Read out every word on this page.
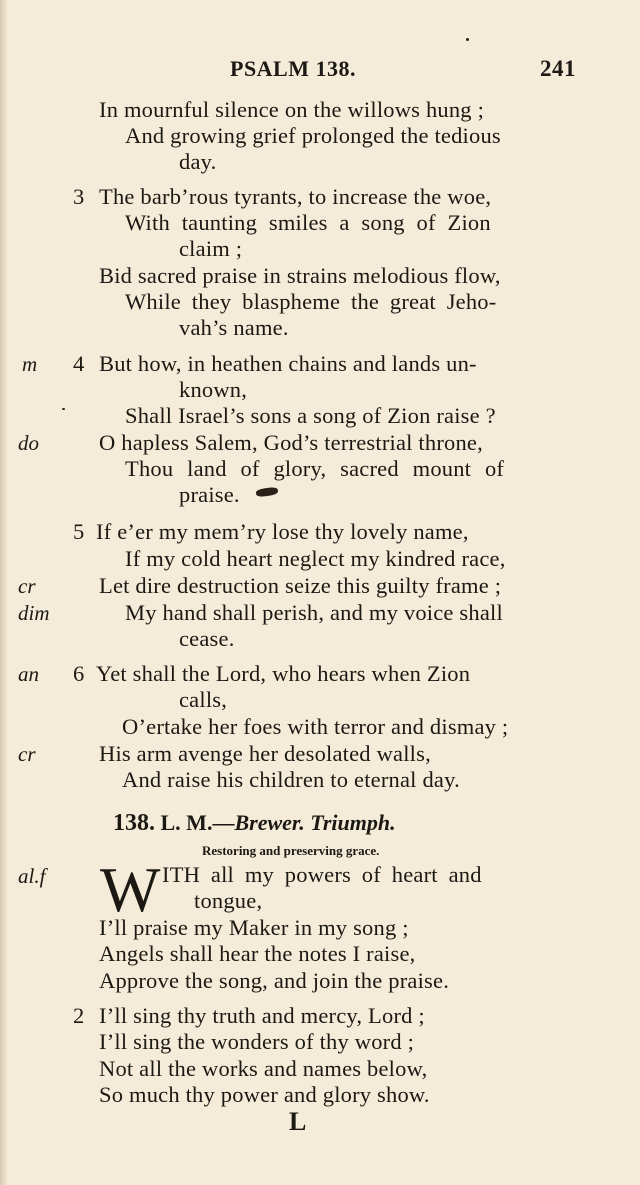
PSALM 138.	241
In mournful silence on the willows hung ;
And growing grief prolonged the tedious
day.
3 The barb’rous tyrants, to increase the woe,
With taunting smiles a song of Zion
claim ;
Bid sacred praise in strains melodious flow,
While they blaspheme the great Jeho-
vah’s name.
m 4 But how, in heathen chains and lands un-
known,
Shall Israel’s sons a song of Zion raise ?
do	O hapless Salem, God’s terrestrial throne,
Thou land of glory, sacred mount of
praise.
5 If e’er my mem’ry lose thy lovely name,
If my cold heart neglect my kindred race,
cr	Let dire destruction seize this guilty frame ;
dim	My hand shall perish, and my voice shall
cease.
an 6 Yet shall the Lord, who hears when Zion
calls,
O’ertake her foes with terror and dismay ;
cr	His arm avenge her desolated walls,
And raise his children to eternal day.
138. L. M.—Brewer. Triumph.
Restoring and preserving grace.
al.f W ITH all my powers of heart and
tongue,
I’ll praise my Maker in my song ;
Angels shall hear the notes I raise,
Approve the song, and join the praise.
2 I’ll sing thy truth and mercy, Lord ;
I’ll sing the wonders of thy word ;
Not all the works and names below,
So much thy power and glory show.
L
